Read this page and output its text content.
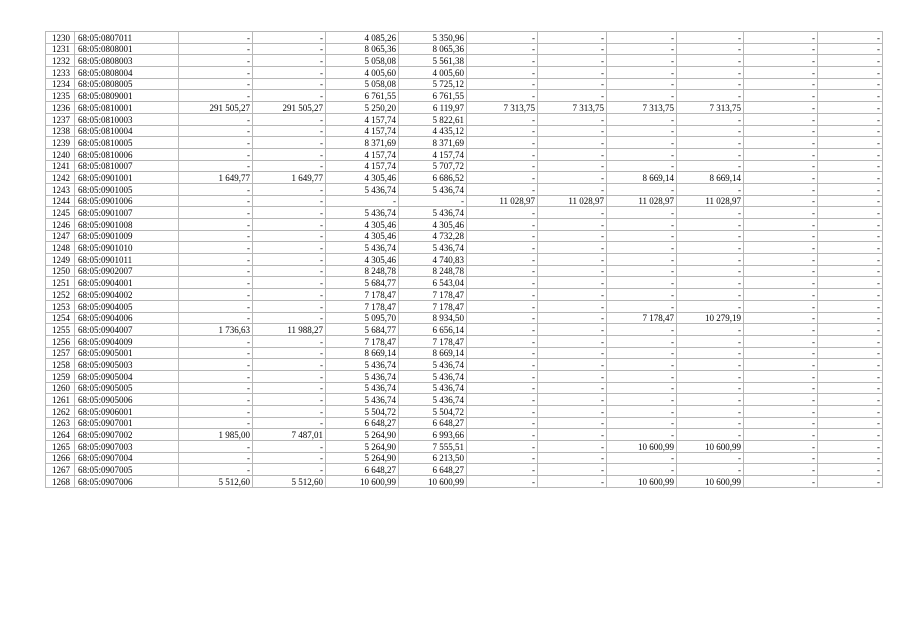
1230	68:05:0807011	-	-	4 085,26	5 350,96	-	-	-	-	-	-
1231	68:05:0808001	-	-	8 065,36	8 065,36	-	-	-	-	-	-
1232	68:05:0808003	-	-	5 058,08	5 561,38	-	-	-	-	-	-
1233	68:05:0808004	-	-	4 005,60	4 005,60	-	-	-	-	-	-
1234	68:05:0808005	-	-	5 058,08	5 725,12	-	-	-	-	-	-
1235	68:05:0809001	-	-	6 761,55	6 761,55	-	-	-	-	-	-
1236	68:05:0810001	291 505,27	291 505,27	5 250,20	6 119,97	7 313,75	7 313,75	7 313,75	7 313,75	-	-
1237	68:05:0810003	-	-	4 157,74	5 822,61	-	-	-	-	-	-
1238	68:05:0810004	-	-	4 157,74	4 435,12	-	-	-	-	-	-
1239	68:05:0810005	-	-	8 371,69	8 371,69	-	-	-	-	-	-
1240	68:05:0810006	-	-	4 157,74	4 157,74	-	-	-	-	-	-
1241	68:05:0810007	-	-	4 157,74	5 707,72	-	-	-	-	-	-
1242	68:05:0901001	1 649,77	1 649,77	4 305,46	6 686,52	-	-	8 669,14	8 669,14	-	-
1243	68:05:0901005	-	-	5 436,74	5 436,74	-	-	-	-	-	-
1244	68:05:0901006	-	-	-	-	11 028,97	11 028,97	11 028,97	11 028,97	-	-
1245	68:05:0901007	-	-	5 436,74	5 436,74	-	-	-	-	-	-
1246	68:05:0901008	-	-	4 305,46	4 305,46	-	-	-	-	-	-
1247	68:05:0901009	-	-	4 305,46	4 732,28	-	-	-	-	-	-
1248	68:05:0901010	-	-	5 436,74	5 436,74	-	-	-	-	-	-
1249	68:05:0901011	-	-	4 305,46	4 740,83	-	-	-	-	-	-
1250	68:05:0902007	-	-	8 248,78	8 248,78	-	-	-	-	-	-
1251	68:05:0904001	-	-	5 684,77	6 543,04	-	-	-	-	-	-
1252	68:05:0904002	-	-	7 178,47	7 178,47	-	-	-	-	-	-
1253	68:05:0904005	-	-	7 178,47	7 178,47	-	-	-	-	-	-
1254	68:05:0904006	-	-	5 095,70	8 934,50	-	-	7 178,47	10 279,19	-	-
1255	68:05:0904007	1 736,63	11 988,27	5 684,77	6 656,14	-	-	-	-	-	-
1256	68:05:0904009	-	-	7 178,47	7 178,47	-	-	-	-	-	-
1257	68:05:0905001	-	-	8 669,14	8 669,14	-	-	-	-	-	-
1258	68:05:0905003	-	-	5 436,74	5 436,74	-	-	-	-	-	-
1259	68:05:0905004	-	-	5 436,74	5 436,74	-	-	-	-	-	-
1260	68:05:0905005	-	-	5 436,74	5 436,74	-	-	-	-	-	-
1261	68:05:0905006	-	-	5 436,74	5 436,74	-	-	-	-	-	-
1262	68:05:0906001	-	-	5 504,72	5 504,72	-	-	-	-	-	-
1263	68:05:0907001	-	-	6 648,27	6 648,27	-	-	-	-	-	-
1264	68:05:0907002	1 985,00	7 487,01	5 264,90	6 993,66	-	-	-	-	-	-
1265	68:05:0907003	-	-	5 264,90	7 555,51	-	-	10 600,99	10 600,99	-	-
1266	68:05:0907004	-	-	5 264,90	6 213,50	-	-	-	-	-	-
1267	68:05:0907005	-	-	6 648,27	6 648,27	-	-	-	-	-	-
1268	68:05:0907006	5 512,60	5 512,60	10 600,99	10 600,99	-	-	10 600,99	10 600,99	-	-
